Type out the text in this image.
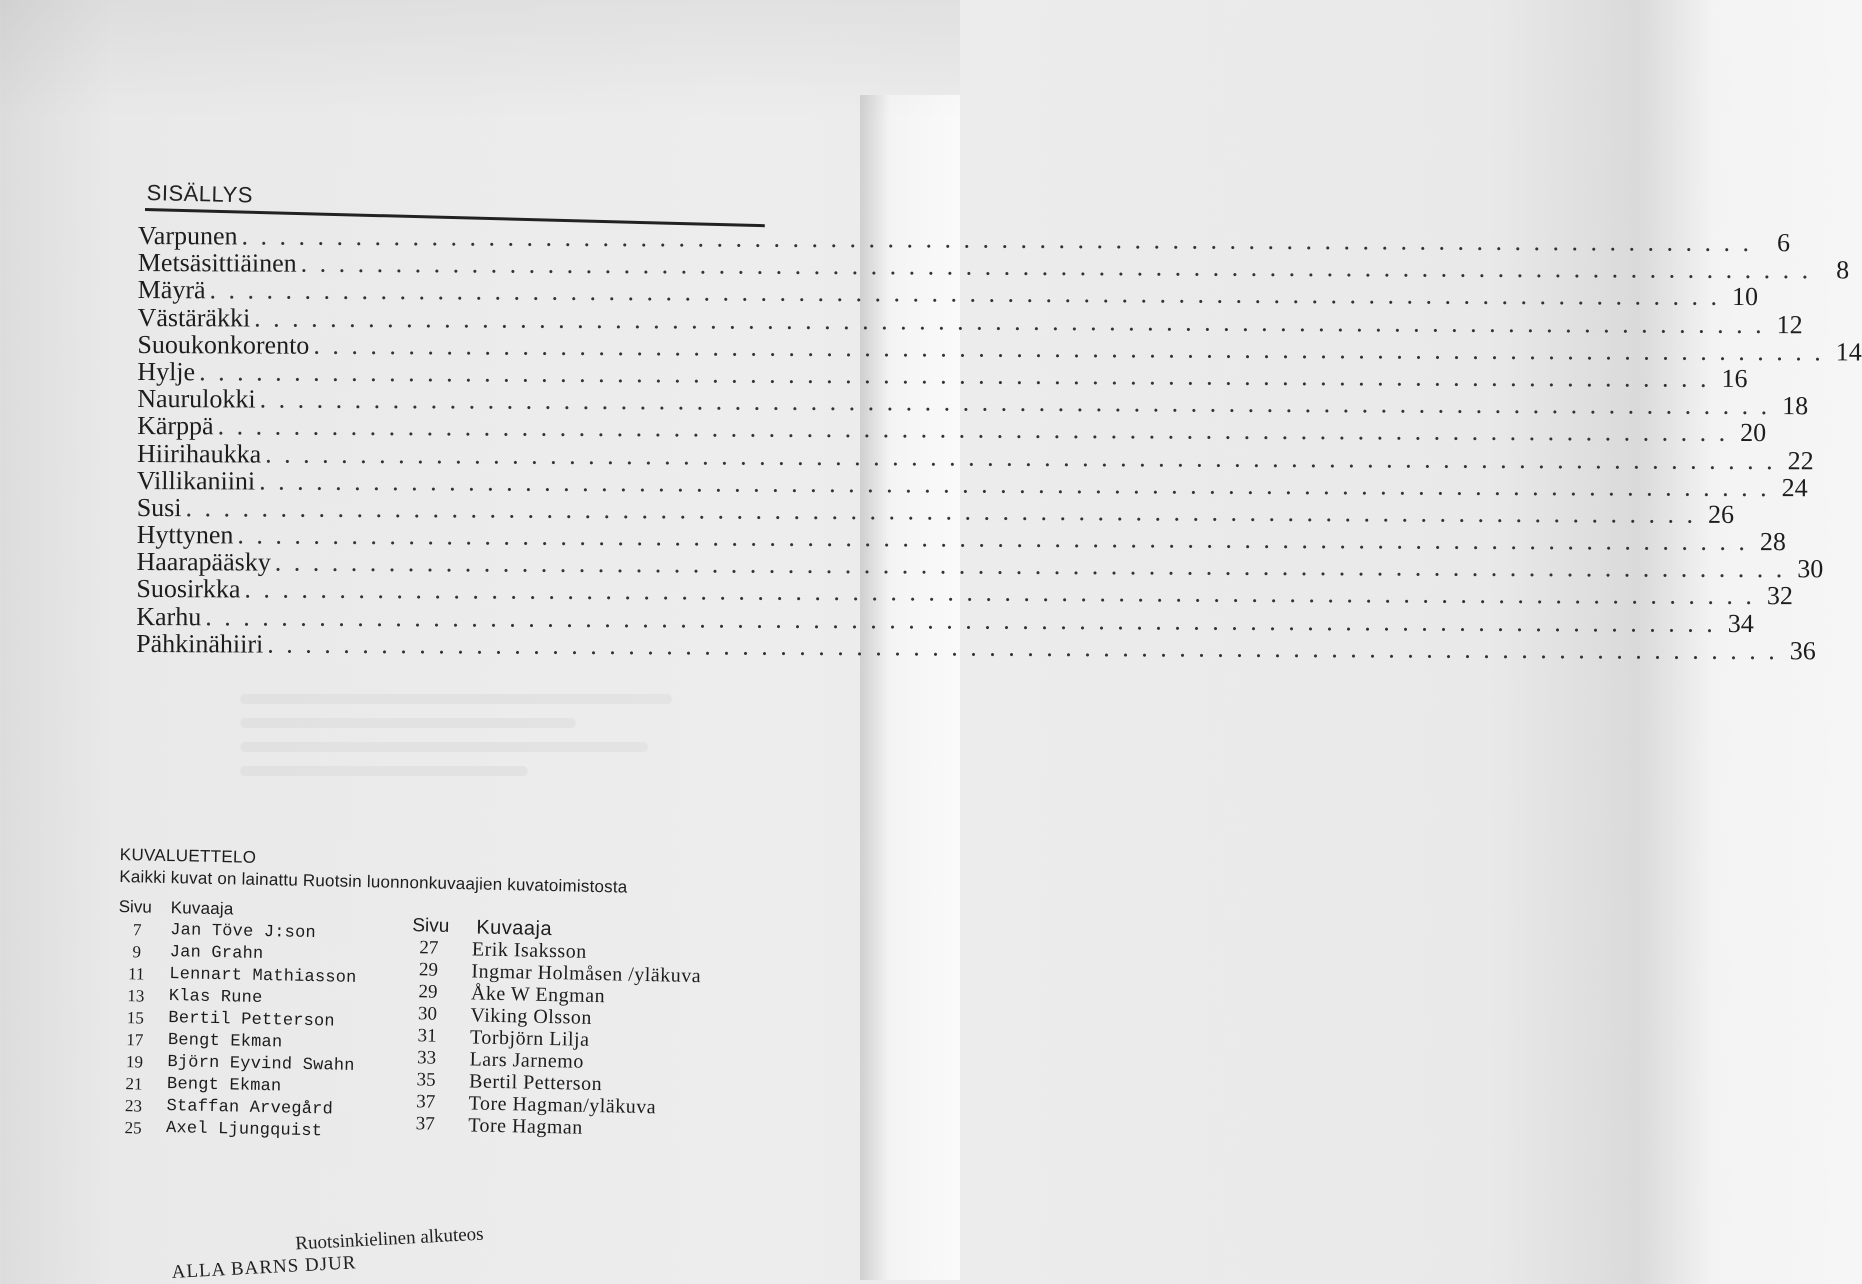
SISÄLLYS
Varpunen . . . . . . . . . . . . . . . . . . . . . . . . . . . . . . . . . . . . . . . . . . . . . . . . . . . . . . . . . . . . . . . . . . . . . . . . . . . . . . . . 6
Metsäsittiäinen . . . . . . . . . . . . . . . . . . . . . . . . . . . . . . . . . . . . . . . . . . . . . . . . . . . . . . . . . . . . . . . . . . . . . . . . . . . . . . . . 8
Mäyrä . . . . . . . . . . . . . . . . . . . . . . . . . . . . . . . . . . . . . . . . . . . . . . . . . . . . . . . . . . . . . . . . . . . . . . . . . . . . . . . . 10
Västäräkki . . . . . . . . . . . . . . . . . . . . . . . . . . . . . . . . . . . . . . . . . . . . . . . . . . . . . . . . . . . . . . . . . . . . . . . . . . . . . . . . 12
Suoukonkorento . . . . . . . . . . . . . . . . . . . . . . . . . . . . . . . . . . . . . . . . . . . . . . . . . . . . . . . . . . . . . . . . . . . . . . . . . . . . . . . . 14
Hylje . . . . . . . . . . . . . . . . . . . . . . . . . . . . . . . . . . . . . . . . . . . . . . . . . . . . . . . . . . . . . . . . . . . . . . . . . . . . . . . . 16
Naurulokki . . . . . . . . . . . . . . . . . . . . . . . . . . . . . . . . . . . . . . . . . . . . . . . . . . . . . . . . . . . . . . . . . . . . . . . . . . . . . . . . 18
Kärppä . . . . . . . . . . . . . . . . . . . . . . . . . . . . . . . . . . . . . . . . . . . . . . . . . . . . . . . . . . . . . . . . . . . . . . . . . . . . . . . . 20
Hiirihaukka . . . . . . . . . . . . . . . . . . . . . . . . . . . . . . . . . . . . . . . . . . . . . . . . . . . . . . . . . . . . . . . . . . . . . . . . . . . . . . . . 22
Villikaniini . . . . . . . . . . . . . . . . . . . . . . . . . . . . . . . . . . . . . . . . . . . . . . . . . . . . . . . . . . . . . . . . . . . . . . . . . . . . . . . . 24
Susi . . . . . . . . . . . . . . . . . . . . . . . . . . . . . . . . . . . . . . . . . . . . . . . . . . . . . . . . . . . . . . . . . . . . . . . . . . . . . . . . 26
Hyttynen . . . . . . . . . . . . . . . . . . . . . . . . . . . . . . . . . . . . . . . . . . . . . . . . . . . . . . . . . . . . . . . . . . . . . . . . . . . . . . . . 28
Haarapääsky . . . . . . . . . . . . . . . . . . . . . . . . . . . . . . . . . . . . . . . . . . . . . . . . . . . . . . . . . . . . . . . . . . . . . . . . . . . . . . . . 30
Suosirkka . . . . . . . . . . . . . . . . . . . . . . . . . . . . . . . . . . . . . . . . . . . . . . . . . . . . . . . . . . . . . . . . . . . . . . . . . . . . . . . . 32
Karhu . . . . . . . . . . . . . . . . . . . . . . . . . . . . . . . . . . . . . . . . . . . . . . . . . . . . . . . . . . . . . . . . . . . . . . . . . . . . . . . . 34
Pähkinähiiri . . . . . . . . . . . . . . . . . . . . . . . . . . . . . . . . . . . . . . . . . . . . . . . . . . . . . . . . . . . . . . . . . . . . . . . . . . . . . . . . 36
KUVALUETTELO
Kaikki kuvat on lainattu Ruotsin luonnonkuvaajien kuvatoimistosta
Sivu	Kuvaaja
7	Jan Töve J:son
9	Jan Grahn
11	Lennart Mathiasson
13	Klas Rune
15	Bertil Petterson
17	Bengt Ekman
19	Björn Eyvind Swahn
21	Bengt Ekman
23	Staffan Arvegård
25	Axel Ljungquist
Sivu	Kuvaaja
27	Erik Isaksson
29	Ingmar Holmåsen /yläkuva
29	Åke W Engman
30	Viking Olsson
31	Torbjörn Lilja
33	Lars Jarnemo
35	Bertil Petterson
37	Tore Hagman/yläkuva
37	Tore Hagman
Ruotsinkielinen alkuteos
ALLA BARNS DJUR
